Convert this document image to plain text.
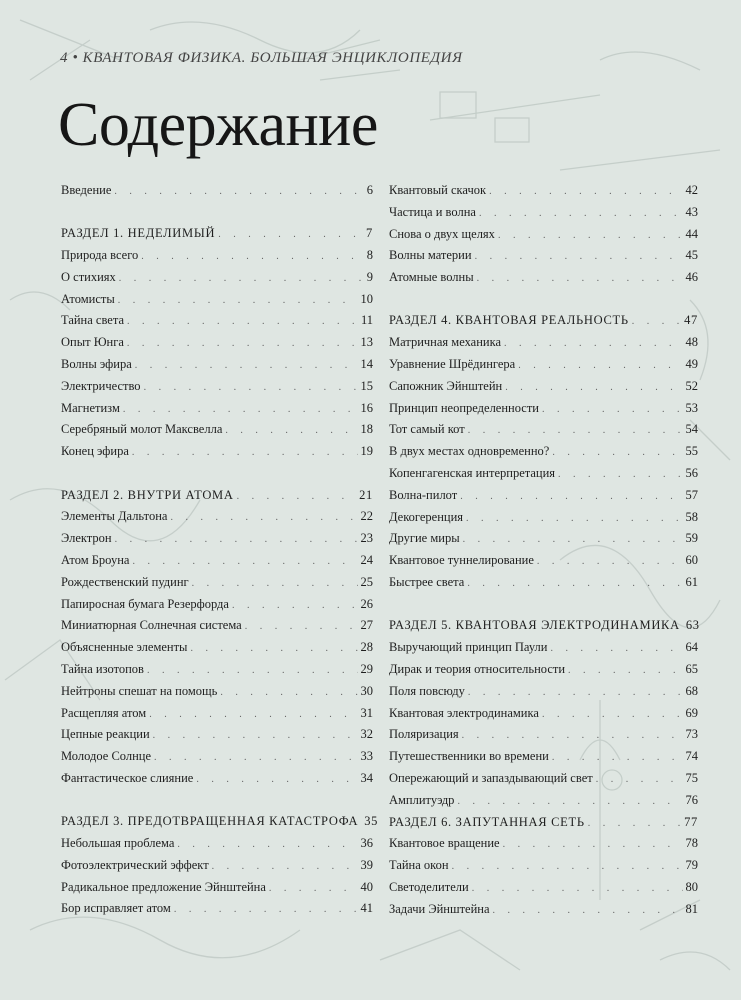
4 • КВАНТОВАЯ ФИЗИКА. БОЛЬШАЯ ЭНЦИКЛОПЕДИЯ
Содержание
Введение . . .	6
РАЗДЕЛ 1. НЕДЕЛИМЫЙ . . .	7
Природа всего . . .	8
О стихиях . . .	9
Атомисты . . .	10
Тайна света . . .	11
Опыт Юнга . . .	13
Волны эфира . . .	14
Электричество . . .	15
Магнетизм . . .	16
Серебряный молот Максвелла . . .	18
Конец эфира . . .	19
РАЗДЕЛ 2. ВНУТРИ АТОМА . . .	21
Элементы Дальтона . . .	22
Электрон . . .	23
Атом Броуна . . .	24
Рождественский пудинг . . .	25
Папиросная бумага Резерфорда . . .	26
Миниатюрная Солнечная система . . .	27
Объясненные элементы . . .	28
Тайна изотопов . . .	29
Нейтроны спешат на помощь . . .	30
Расщепляя атом . . .	31
Цепные реакции . . .	32
Молодое Солнце . . .	33
Фантастическое слияние . . .	34
РАЗДЕЛ 3. ПРЕДОТВРАЩЕННАЯ КАТАСТРОФА 35
Небольшая проблема . . .	36
Фотоэлектрический эффект . . .	39
Радикальное предложение Эйнштейна . . .	40
Бор исправляет атом . . .	41
Квантовый скачок . . .	42
Частица и волна . . .	43
Снова о двух щелях . . .	44
Волны материи . . .	45
Атомные волны . . .	46
РАЗДЕЛ 4. КВАНТОВАЯ РЕАЛЬНОСТЬ . . .	47
Матричная механика . . .	48
Уравнение Шрёдингера . . .	49
Сапожник Эйнштейн . . .	52
Принцип неопределенности . . .	53
Тот самый кот . . .	54
В двух местах одновременно? . . .	55
Копенгагенская интерпретация . . .	56
Волна-пилот . . .	57
Декогеренция . . .	58
Другие миры . . .	59
Квантовое туннелирование . . .	60
Быстрее света . . .	61
РАЗДЕЛ 5. КВАНТОВАЯ ЭЛЕКТРОДИНАМИКА 63
Выручающий принцип Паули . . .	64
Дирак и теория относительности . . .	65
Поля повсюду . . .	68
Квантовая электродинамика . . .	69
Поляризация . . .	73
Путешественники во времени . . .	74
Опережающий и запаздывающий свет . . .	75
Амплитуэдр . . .	76
РАЗДЕЛ 6. ЗАПУТАННАЯ СЕТЬ . . .	77
Квантовое вращение . . .	78
Тайна окон . . .	79
Светоделители . . .	80
Задачи Эйнштейна . . .	81
